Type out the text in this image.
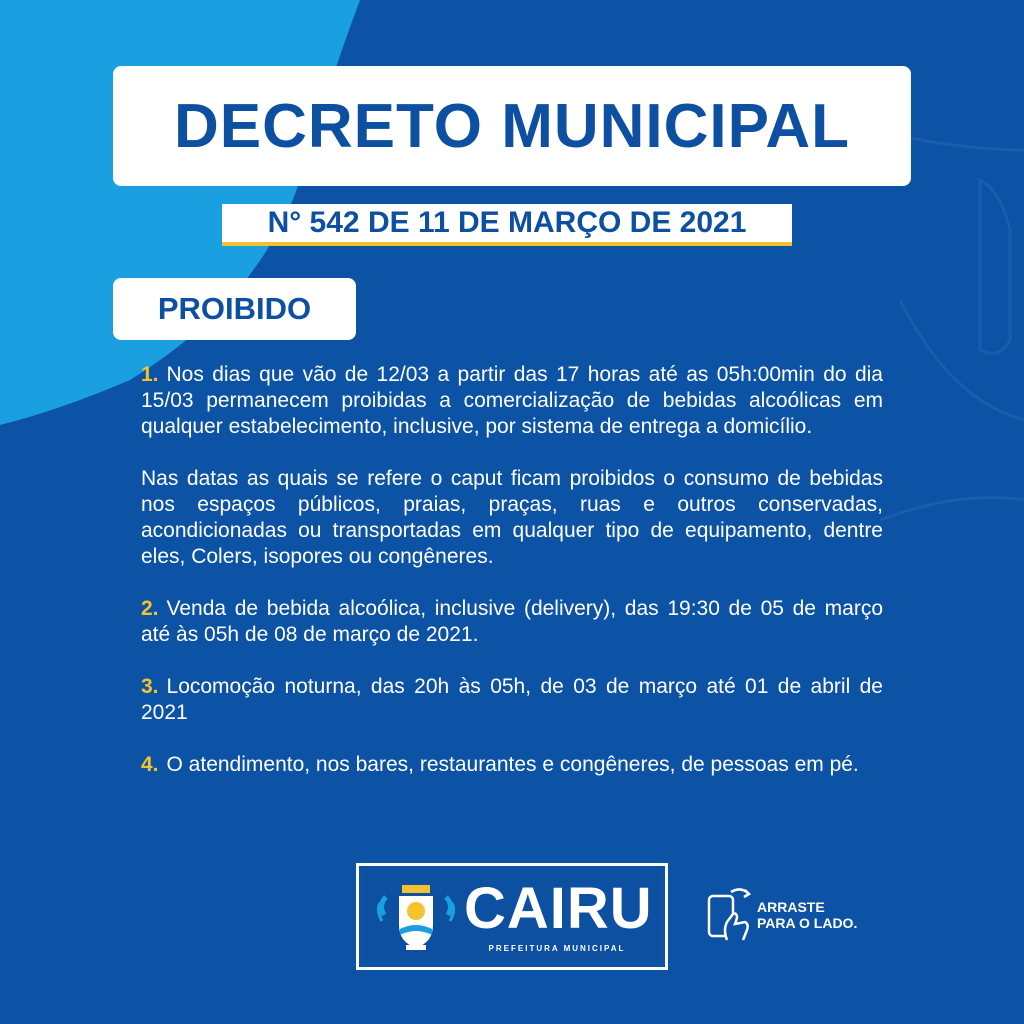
DECRETO MUNICIPAL
N° 542 DE 11 DE MARÇO DE 2021
PROIBIDO

1. Nos dias que vão de 12/03 a partir das 17 horas até as 05h:00min do dia 15/03 permanecem proibidas a comercialização de bebidas alcoólicas em qualquer estabelecimento, inclusive, por sistema de entrega a domicílio.

Nas datas as quais se refere o caput ficam proibidos o consumo de bebidas nos espaços públicos, praias, praças, ruas e outros conservadas, acondicionadas ou transportadas em qualquer tipo de equipamento, dentre eles, Colers, isopores ou congêneres.

2. Venda de bebida alcoólica, inclusive (delivery), das 19:30 de 05 de março até às 05h de 08 de março de 2021.

3. Locomoção noturna, das 20h às 05h, de 03 de março até 01 de abril de 2021

4. O atendimento, nos bares, restaurantes e congêneres, de pessoas em pé.

CAIRU
PREFEITURA MUNICIPAL
ARRASTE
PARA O LADO.
